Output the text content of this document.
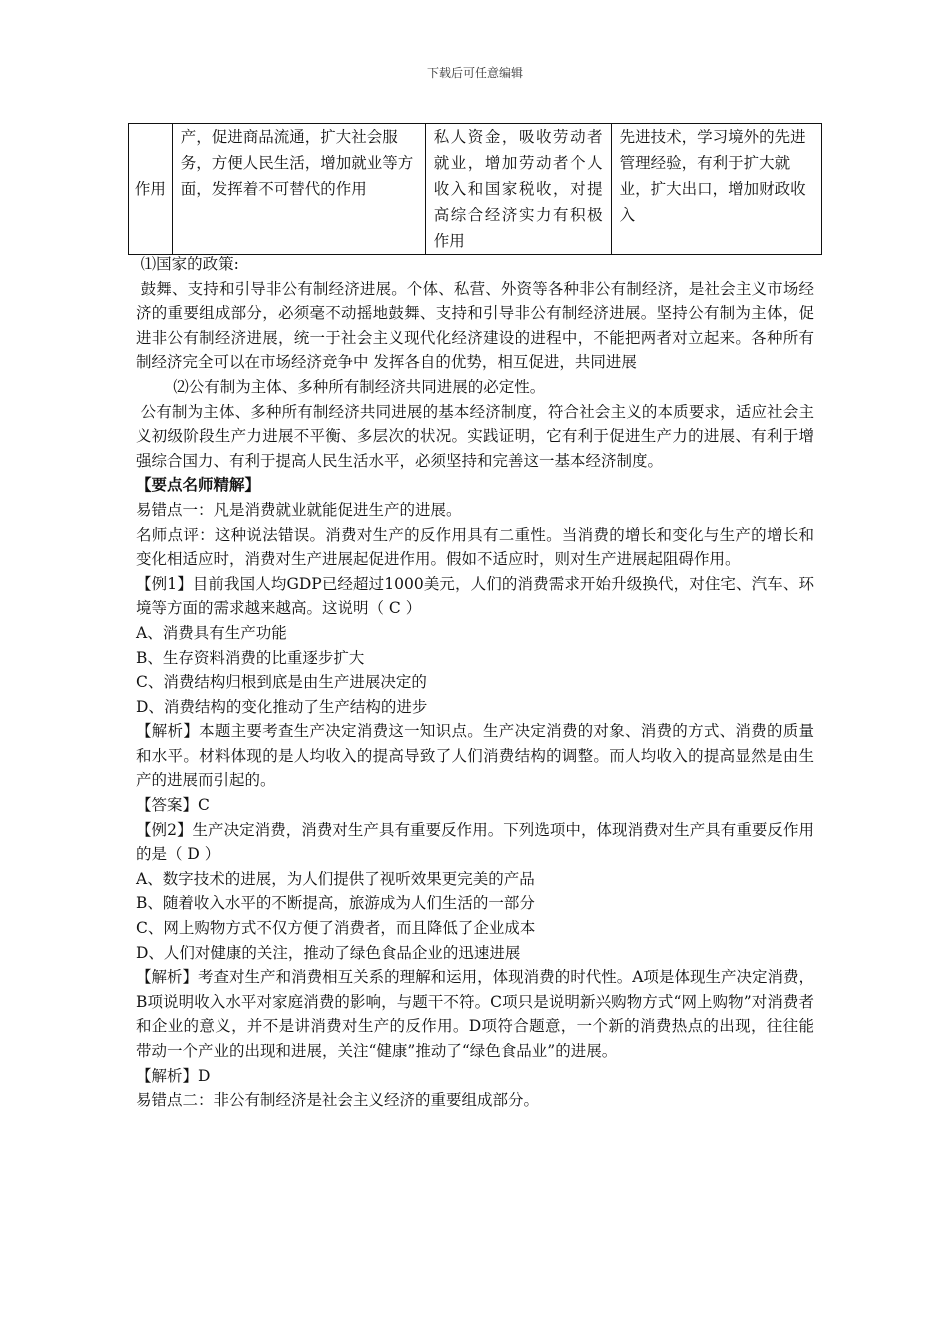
下载后可任意编辑
作用	产，促进商品流通，扩大社会服务，方便人民生活，增加就业等方面，发挥着不可替代的作用	私人资金，吸收劳动者就业，增加劳动者个人收入和国家税收，对提高综合经济实力有积极作用	先进技术，学习境外的先进管理经验，有利于扩大就业，扩大出口，增加财政收入

⑴国家的政策:

鼓舞、支持和引导非公有制经济进展。个体、私营、外资等各种非公有制经济，是社会主义市场经济的重要组成部分，必须毫不动摇地鼓舞、支持和引导非公有制经济进展。坚持公有制为主体，促进非公有制经济进展，统一于社会主义现代化经济建设的进程中，不能把两者对立起来。各种所有制经济完全可以在市场经济竞争中 发挥各自的优势，相互促进，共同进展

⑵公有制为主体、多种所有制经济共同进展的必定性。

公有制为主体、多种所有制经济共同进展的基本经济制度，符合社会主义的本质要求，适应社会主义初级阶段生产力进展不平衡、多层次的状况。实践证明，它有利于促进生产力的进展、有利于增强综合国力、有利于提高人民生活水平，必须坚持和完善这一基本经济制度。

【要点名师精解】

易错点一：凡是消费就业就能促进生产的进展。

名师点评：这种说法错误。消费对生产的反作用具有二重性。当消费的增长和变化与生产的增长和变化相适应时，消费对生产进展起促进作用。假如不适应时，则对生产进展起阻碍作用。

【例1】目前我国人均GDP已经超过1000美元，人们的消费需求开始升级换代，对住宅、汽车、环境等方面的需求越来越高。这说明（ C ）

A、消费具有生产功能

B、生存资料消费的比重逐步扩大

C、消费结构归根到底是由生产进展决定的

D、消费结构的变化推动了生产结构的进步

【解析】本题主要考查生产决定消费这一知识点。生产决定消费的对象、消费的方式、消费的质量和水平。材料体现的是人均收入的提高导致了人们消费结构的调整。而人均收入的提高显然是由生产的进展而引起的。

【答案】C

【例2】生产决定消费，消费对生产具有重要反作用。下列选项中，体现消费对生产具有重要反作用的是（ D ）

A、数字技术的进展，为人们提供了视听效果更完美的产品

B、随着收入水平的不断提高，旅游成为人们生活的一部分

C、网上购物方式不仅方便了消费者，而且降低了企业成本

D、人们对健康的关注，推动了绿色食品企业的迅速进展

【解析】考查对生产和消费相互关系的理解和运用，体现消费的时代性。A项是体现生产决定消费，B项说明收入水平对家庭消费的影响，与题干不符。C项只是说明新兴购物方式“网上购物”对消费者和企业的意义，并不是讲消费对生产的反作用。D项符合题意，一个新的消费热点的出现，往往能带动一个产业的出现和进展，关注“健康”推动了“绿色食品业”的进展。

【解析】D

易错点二：非公有制经济是社会主义经济的重要组成部分。
